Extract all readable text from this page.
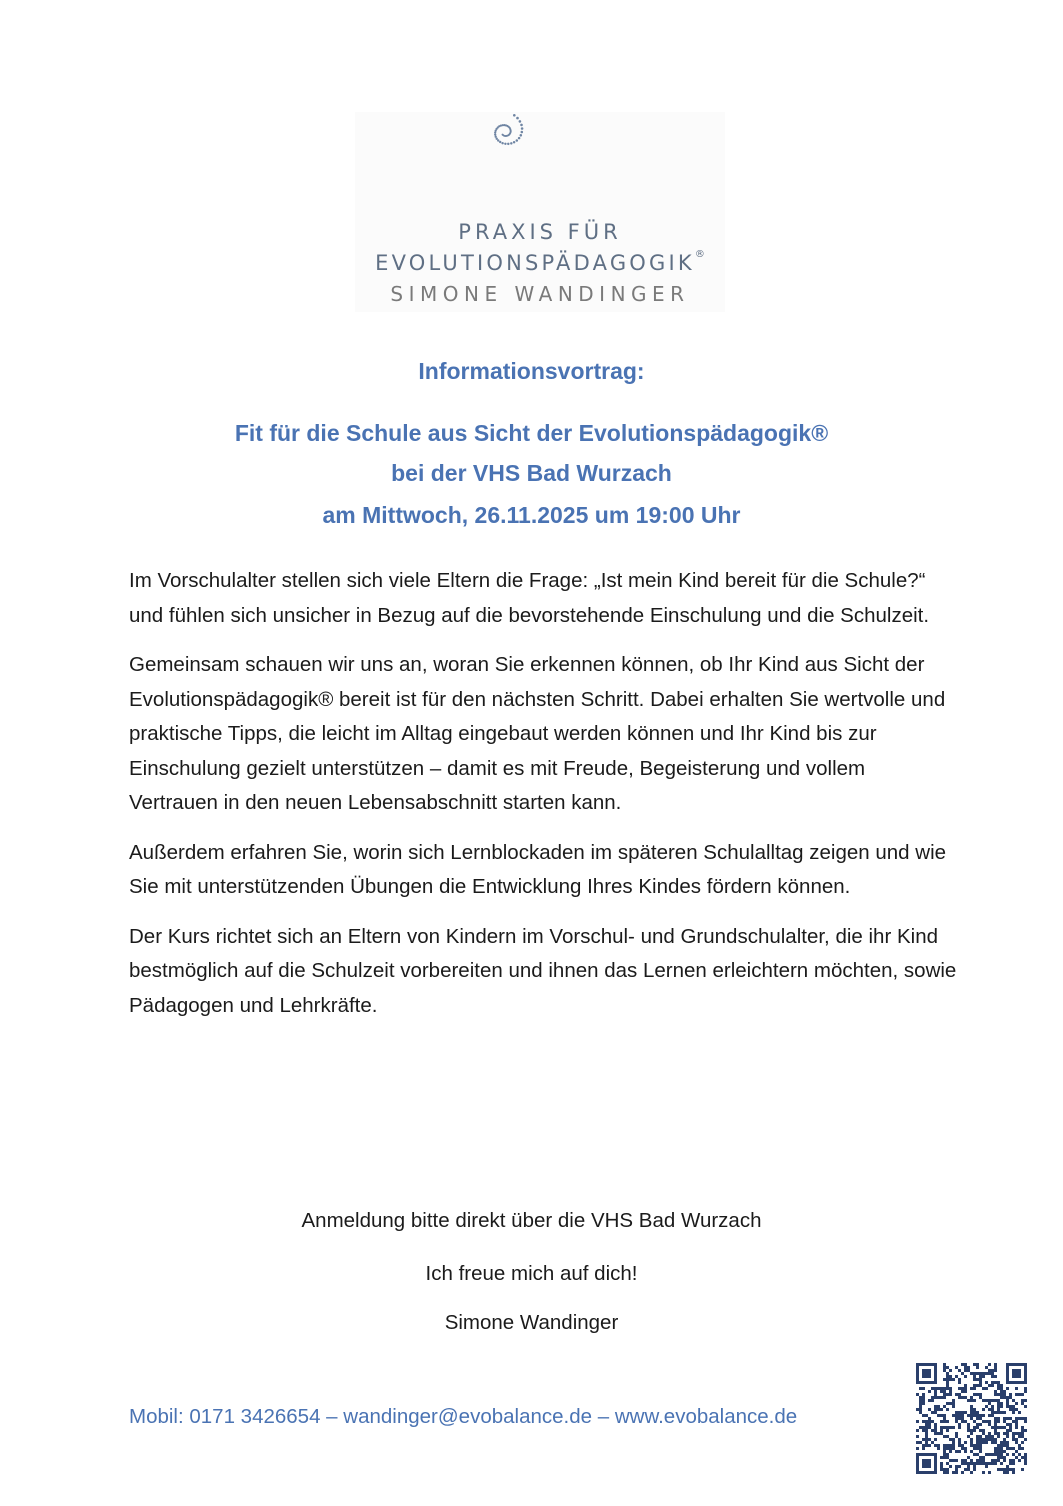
PRAXIS FÜR
EVOLUTIONSPÄDAGOGIK®
SIMONE WANDINGER
Informationsvortrag:
Fit für die Schule aus Sicht der Evolutionspädagogik®
bei der VHS Bad Wurzach
am Mittwoch, 26.11.2025 um 19:00 Uhr

Im Vorschulalter stellen sich viele Eltern die Frage: „Ist mein Kind bereit für die Schule?“ und fühlen sich unsicher in Bezug auf die bevorstehende Einschulung und die Schulzeit.

Gemeinsam schauen wir uns an, woran Sie erkennen können, ob Ihr Kind aus Sicht der Evolutionspädagogik® bereit ist für den nächsten Schritt. Dabei erhalten Sie wertvolle und praktische Tipps, die leicht im Alltag eingebaut werden können und Ihr Kind bis zur Einschulung gezielt unterstützen – damit es mit Freude, Begeisterung und vollem Vertrauen in den neuen Lebensabschnitt starten kann.

Außerdem erfahren Sie, worin sich Lernblockaden im späteren Schulalltag zeigen und wie Sie mit unterstützenden Übungen die Entwicklung Ihres Kindes fördern können.

Der Kurs richtet sich an Eltern von Kindern im Vorschul- und Grundschulalter, die ihr Kind bestmöglich auf die Schulzeit vorbereiten und ihnen das Lernen erleichtern möchten, sowie Pädagogen und Lehrkräfte.

Anmeldung bitte direkt über die VHS Bad Wurzach
Ich freue mich auf dich!
Simone Wandinger
Mobil: 0171 3426654 – wandinger@evobalance.de – www.evobalance.de
